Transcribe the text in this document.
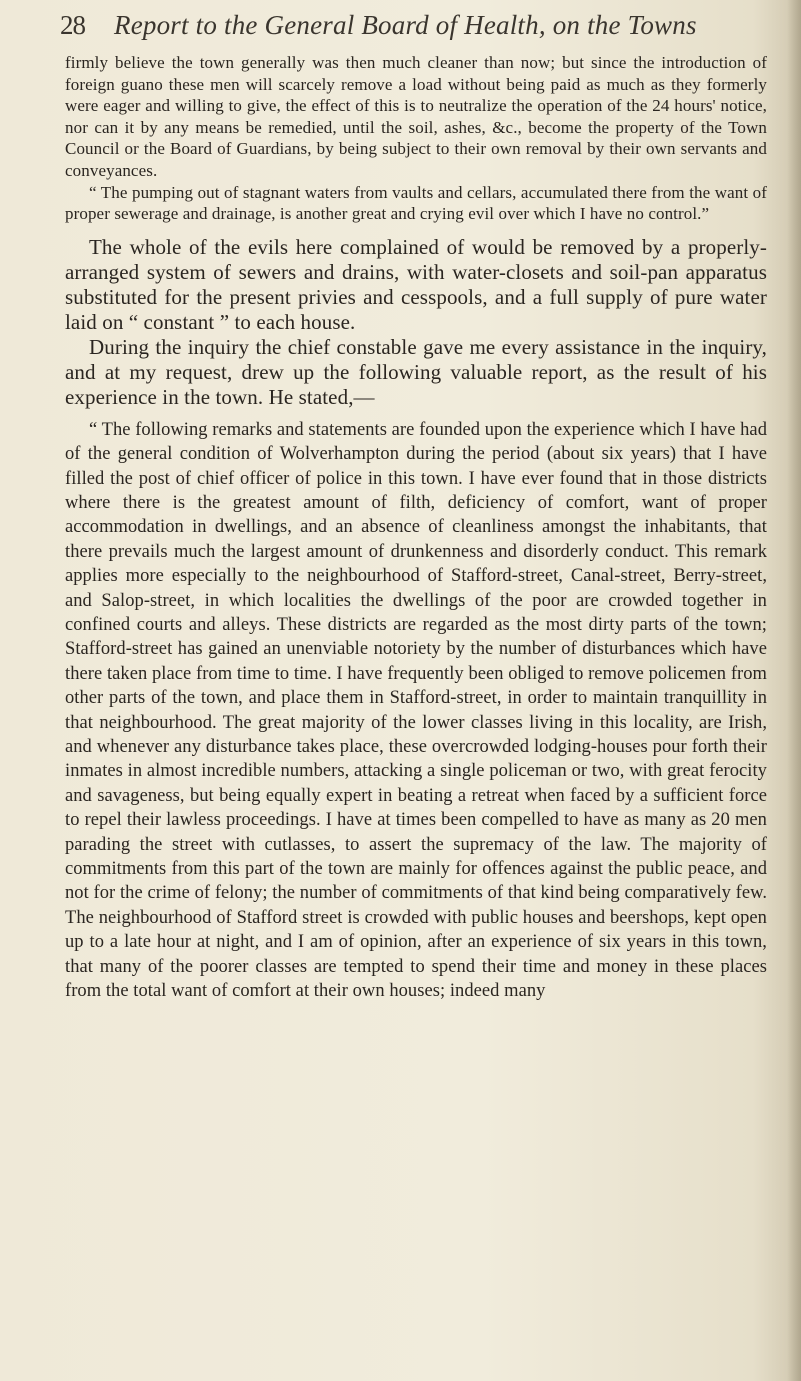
28 Report to the General Board of Health, on the Towns

firmly believe the town generally was then much cleaner than now; but since the introduction of foreign guano these men will scarcely remove a load without being paid as much as they formerly were eager and willing to give, the effect of this is to neutralize the operation of the 24 hours' notice, nor can it by any means be remedied, until the soil, ashes, &c., become the property of the Town Council or the Board of Guardians, by being subject to their own removal by their own servants and conveyances.

“ The pumping out of stagnant waters from vaults and cellars, accumulated there from the want of proper sewerage and drainage, is another great and crying evil over which I have no control.”

The whole of the evils here complained of would be removed by a properly-arranged system of sewers and drains, with water-closets and soil-pan apparatus substituted for the present privies and cesspools, and a full supply of pure water laid on “ constant ” to each house.

During the inquiry the chief constable gave me every assistance in the inquiry, and at my request, drew up the following valuable report, as the result of his experience in the town. He stated,—

“ The following remarks and statements are founded upon the experience which I have had of the general condition of Wolverhampton during the period (about six years) that I have filled the post of chief officer of police in this town. I have ever found that in those districts where there is the greatest amount of filth, deficiency of comfort, want of proper accommodation in dwellings, and an absence of cleanliness amongst the inhabitants, that there prevails much the largest amount of drunkenness and disorderly conduct. This remark applies more especially to the neighbourhood of Stafford-street, Canal-street, Berry-street, and Salop-street, in which localities the dwellings of the poor are crowded together in confined courts and alleys. These districts are regarded as the most dirty parts of the town; Stafford-street has gained an unenviable notoriety by the number of disturbances which have there taken place from time to time. I have frequently been obliged to remove policemen from other parts of the town, and place them in Stafford-street, in order to maintain tranquillity in that neighbourhood. The great majority of the lower classes living in this locality, are Irish, and whenever any disturbance takes place, these overcrowded lodging-houses pour forth their inmates in almost incredible numbers, attacking a single policeman or two, with great ferocity and savageness, but being equally expert in beating a retreat when faced by a sufficient force to repel their lawless proceedings. I have at times been compelled to have as many as 20 men parading the street with cutlasses, to assert the supremacy of the law. The majority of commitments from this part of the town are mainly for offences against the public peace, and not for the crime of felony; the number of commitments of that kind being comparatively few. The neighbourhood of Stafford street is crowded with public houses and beershops, kept open up to a late hour at night, and I am of opinion, after an experience of six years in this town, that many of the poorer classes are tempted to spend their time and money in these places from the total want of comfort at their own houses; indeed many
